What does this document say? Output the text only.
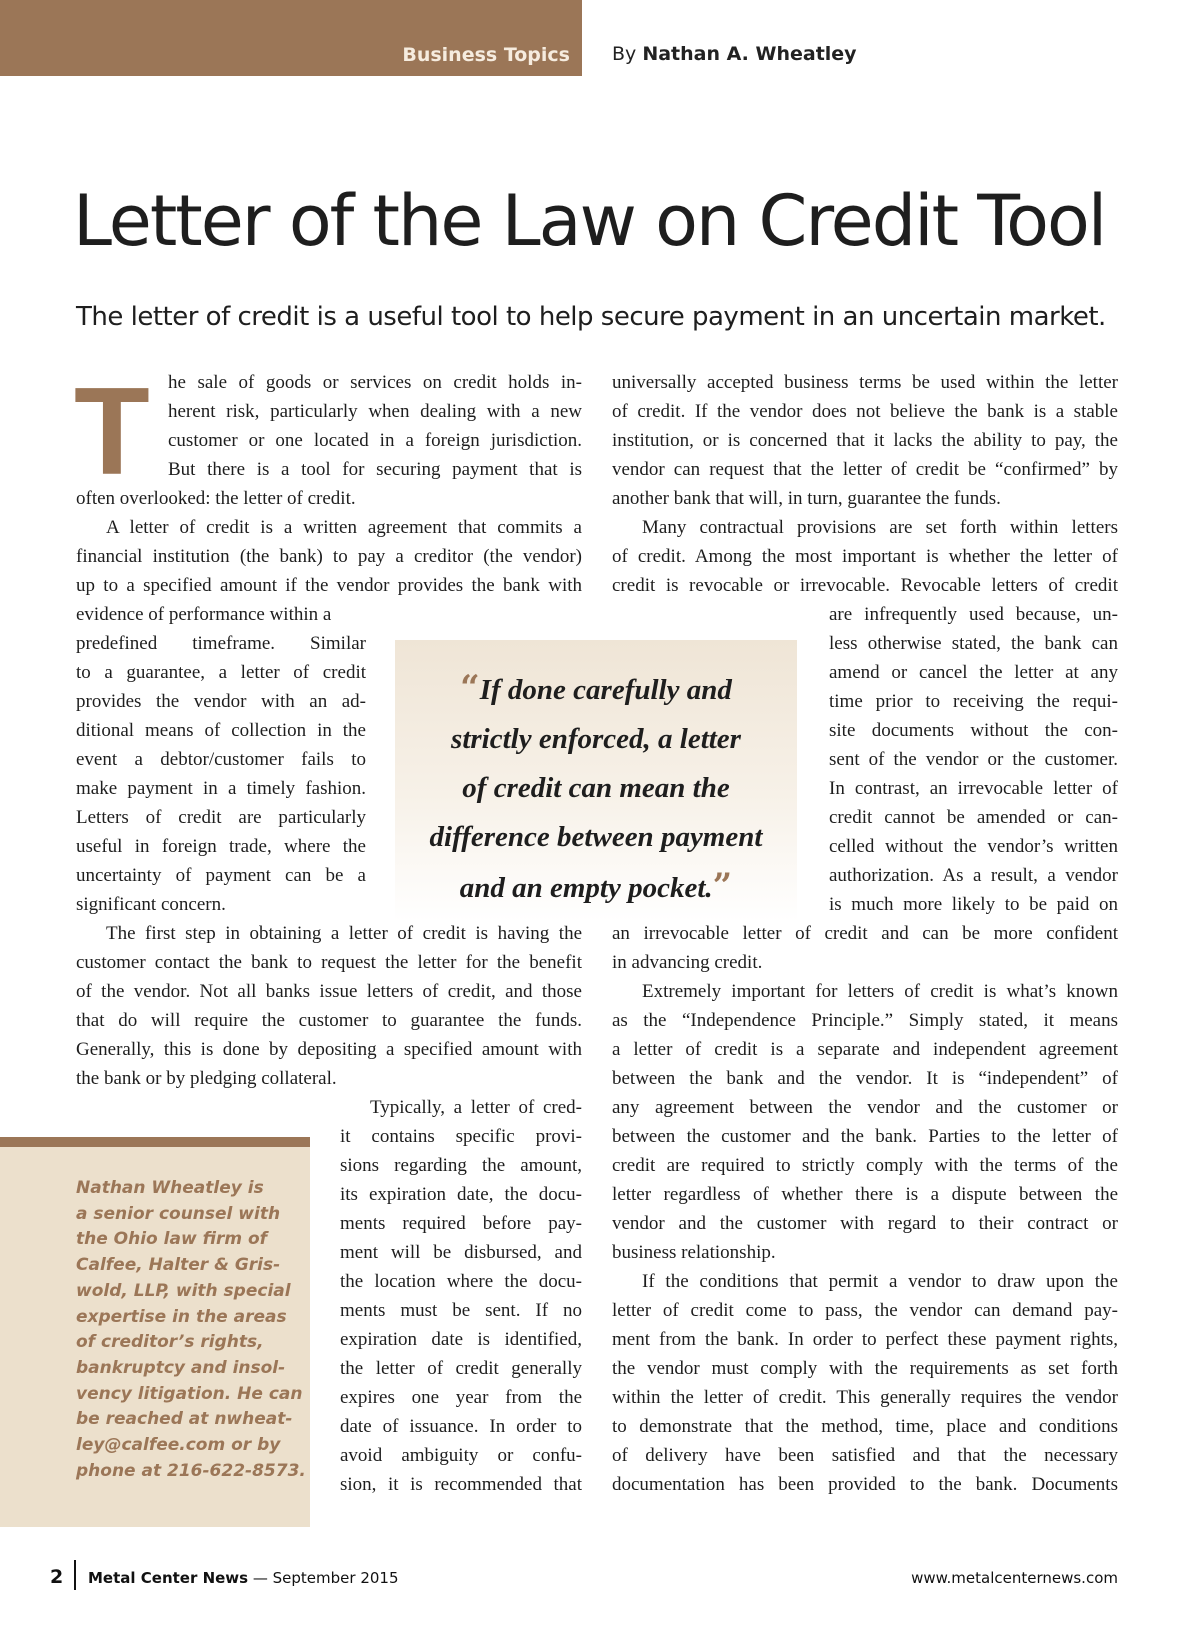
Business Topics By Nathan A. Wheatley
Letter of the Law on Credit Tool
The letter of credit is a useful tool to help secure payment in an uncertain market.
T he sale of goods or services on credit holds in-
herent risk, particularly when dealing with a new
customer or one located in a foreign jurisdiction.
But there is a tool for securing payment that is
often overlooked: the letter of credit.
A letter of credit is a written agreement that commits a
financial institution (the bank) to pay a creditor (the vendor)
up to a specified amount if the vendor provides the bank with
evidence of performance within a
predefined timeframe. Similar
to a guarantee, a letter of credit
provides the vendor with an ad-
ditional means of collection in the
event a debtor/customer fails to
make payment in a timely fashion.
Letters of credit are particularly
useful in foreign trade, where the
uncertainty of payment can be a
significant concern.
The first step in obtaining a letter of credit is having the
customer contact the bank to request the letter for the benefit
of the vendor. Not all banks issue letters of credit, and those
that do will require the customer to guarantee the funds.
Generally, this is done by depositing a specified amount with
the bank or by pledging collateral.
Typically, a letter of cred-
it contains specific provi-
sions regarding the amount,
its expiration date, the docu-
ments required before pay-
ment will be disbursed, and
the location where the docu-
ments must be sent. If no
expiration date is identified,
the letter of credit generally
expires one year from the
date of issuance. In order to
avoid ambiguity or confu-
sion, it is recommended that
universally accepted business terms be used within the letter
of credit. If the vendor does not believe the bank is a stable
institution, or is concerned that it lacks the ability to pay, the
vendor can request that the letter of credit be “confirmed” by
another bank that will, in turn, guarantee the funds.
Many contractual provisions are set forth within letters
of credit. Among the most important is whether the letter of
credit is revocable or irrevocable. Revocable letters of credit
are infrequently used because, un-
less otherwise stated, the bank can
amend or cancel the letter at any
time prior to receiving the requi-
site documents without the con-
sent of the vendor or the customer.
In contrast, an irrevocable letter of
credit cannot be amended or can-
celled without the vendor’s written
authorization. As a result, a vendor
is much more likely to be paid on
an irrevocable letter of credit and can be more confident
in advancing credit.
Extremely important for letters of credit is what’s known
as the “Independence Principle.” Simply stated, it means
a letter of credit is a separate and independent agreement
between the bank and the vendor. It is “independent” of
any agreement between the vendor and the customer or
between the customer and the bank. Parties to the letter of
credit are required to strictly comply with the terms of the
letter regardless of whether there is a dispute between the
vendor and the customer with regard to their contract or
business relationship.
If the conditions that permit a vendor to draw upon the
letter of credit come to pass, the vendor can demand pay-
ment from the bank. In order to perfect these payment rights,
the vendor must comply with the requirements as set forth
within the letter of credit. This generally requires the vendor
to demonstrate that the method, time, place and conditions
of delivery have been satisfied and that the necessary
documentation has been provided to the bank. Documents
“If done carefully and
strictly enforced, a letter
of credit can mean the
difference between payment
and an empty pocket.”
Nathan Wheatley is
a senior counsel with
the Ohio law firm of
Calfee, Halter & Gris-
wold, LLP, with special
expertise in the areas
of creditor’s rights,
bankruptcy and insol-
vency litigation. He can
be reached at nwheat-
ley@calfee.com or by
phone at 216-622-8573.
2 Metal Center News — September 2015	www.metalcenternews.com
